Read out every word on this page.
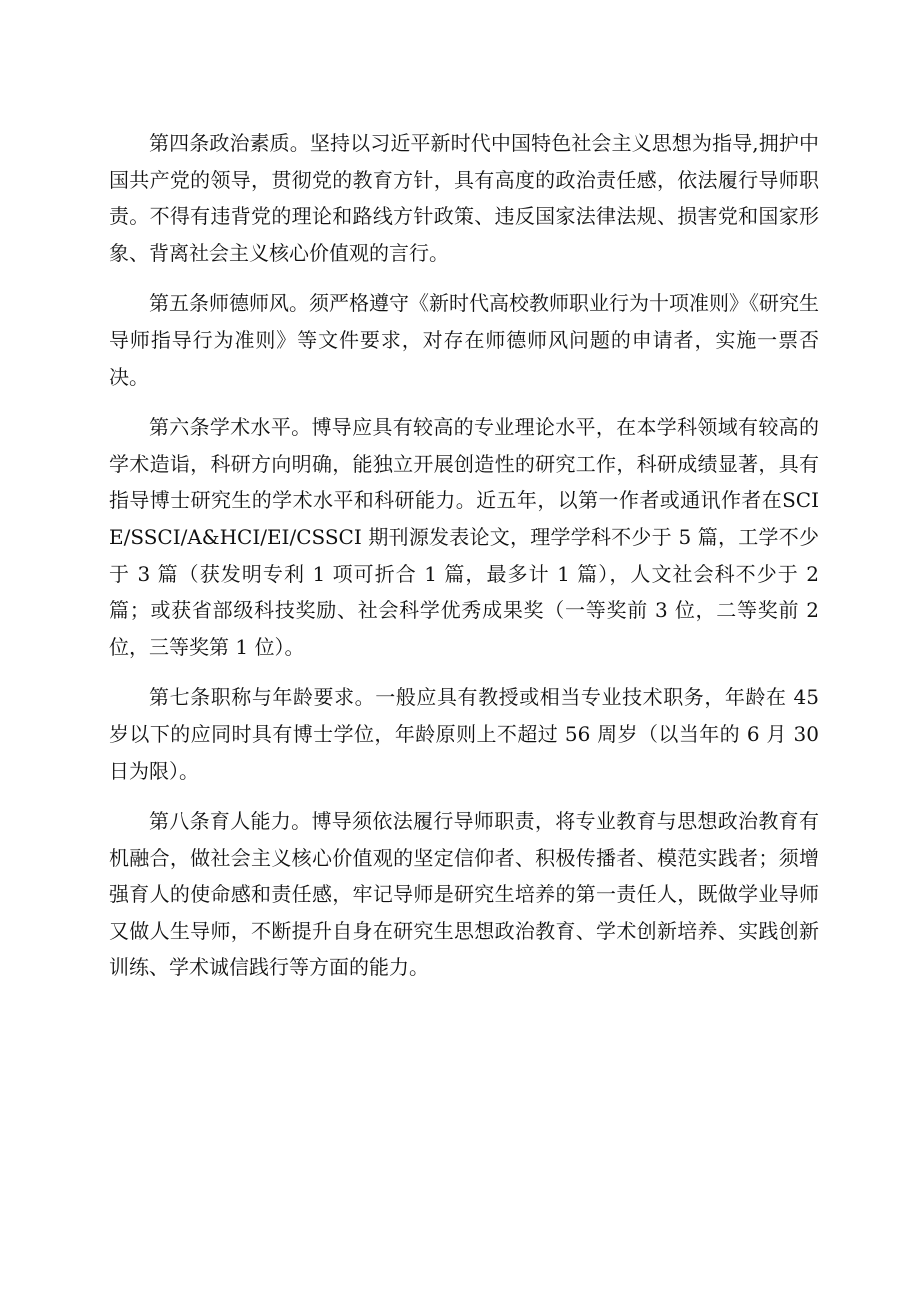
第四条政治素质。坚持以习近平新时代中国特色社会主义思想为指导,拥护中国共产党的领导，贯彻党的教育方针，具有高度的政治责任感，依法履行导师职责。不得有违背党的理论和路线方针政策、违反国家法律法规、损害党和国家形象、背离社会主义核心价值观的言行。

第五条师德师风。须严格遵守《新时代高校教师职业行为十项准则》《研究生导师指导行为准则》等文件要求，对存在师德师风问题的申请者，实施一票否决。

第六条学术水平。博导应具有较高的专业理论水平，在本学科领域有较高的学术造诣，科研方向明确，能独立开展创造性的研究工作，科研成绩显著，具有指导博士研究生的学术水平和科研能力。近五年，以第一作者或通讯作者在SCIE/SSCI/A&HCI/EI/CSSCI 期刊源发表论文，理学学科不少于 5 篇，工学不少于 3 篇（获发明专利 1 项可折合 1 篇，最多计 1 篇），人文社会科不少于 2 篇；或获省部级科技奖励、社会科学优秀成果奖（一等奖前 3 位，二等奖前 2 位，三等奖第 1 位）。

第七条职称与年龄要求。一般应具有教授或相当专业技术职务，年龄在 45 岁以下的应同时具有博士学位，年龄原则上不超过 56 周岁（以当年的 6 月 30 日为限）。

第八条育人能力。博导须依法履行导师职责，将专业教育与思想政治教育有机融合，做社会主义核心价值观的坚定信仰者、积极传播者、模范实践者；须增强育人的使命感和责任感，牢记导师是研究生培养的第一责任人，既做学业导师又做人生导师，不断提升自身在研究生思想政治教育、学术创新培养、实践创新训练、学术诚信践行等方面的能力。
